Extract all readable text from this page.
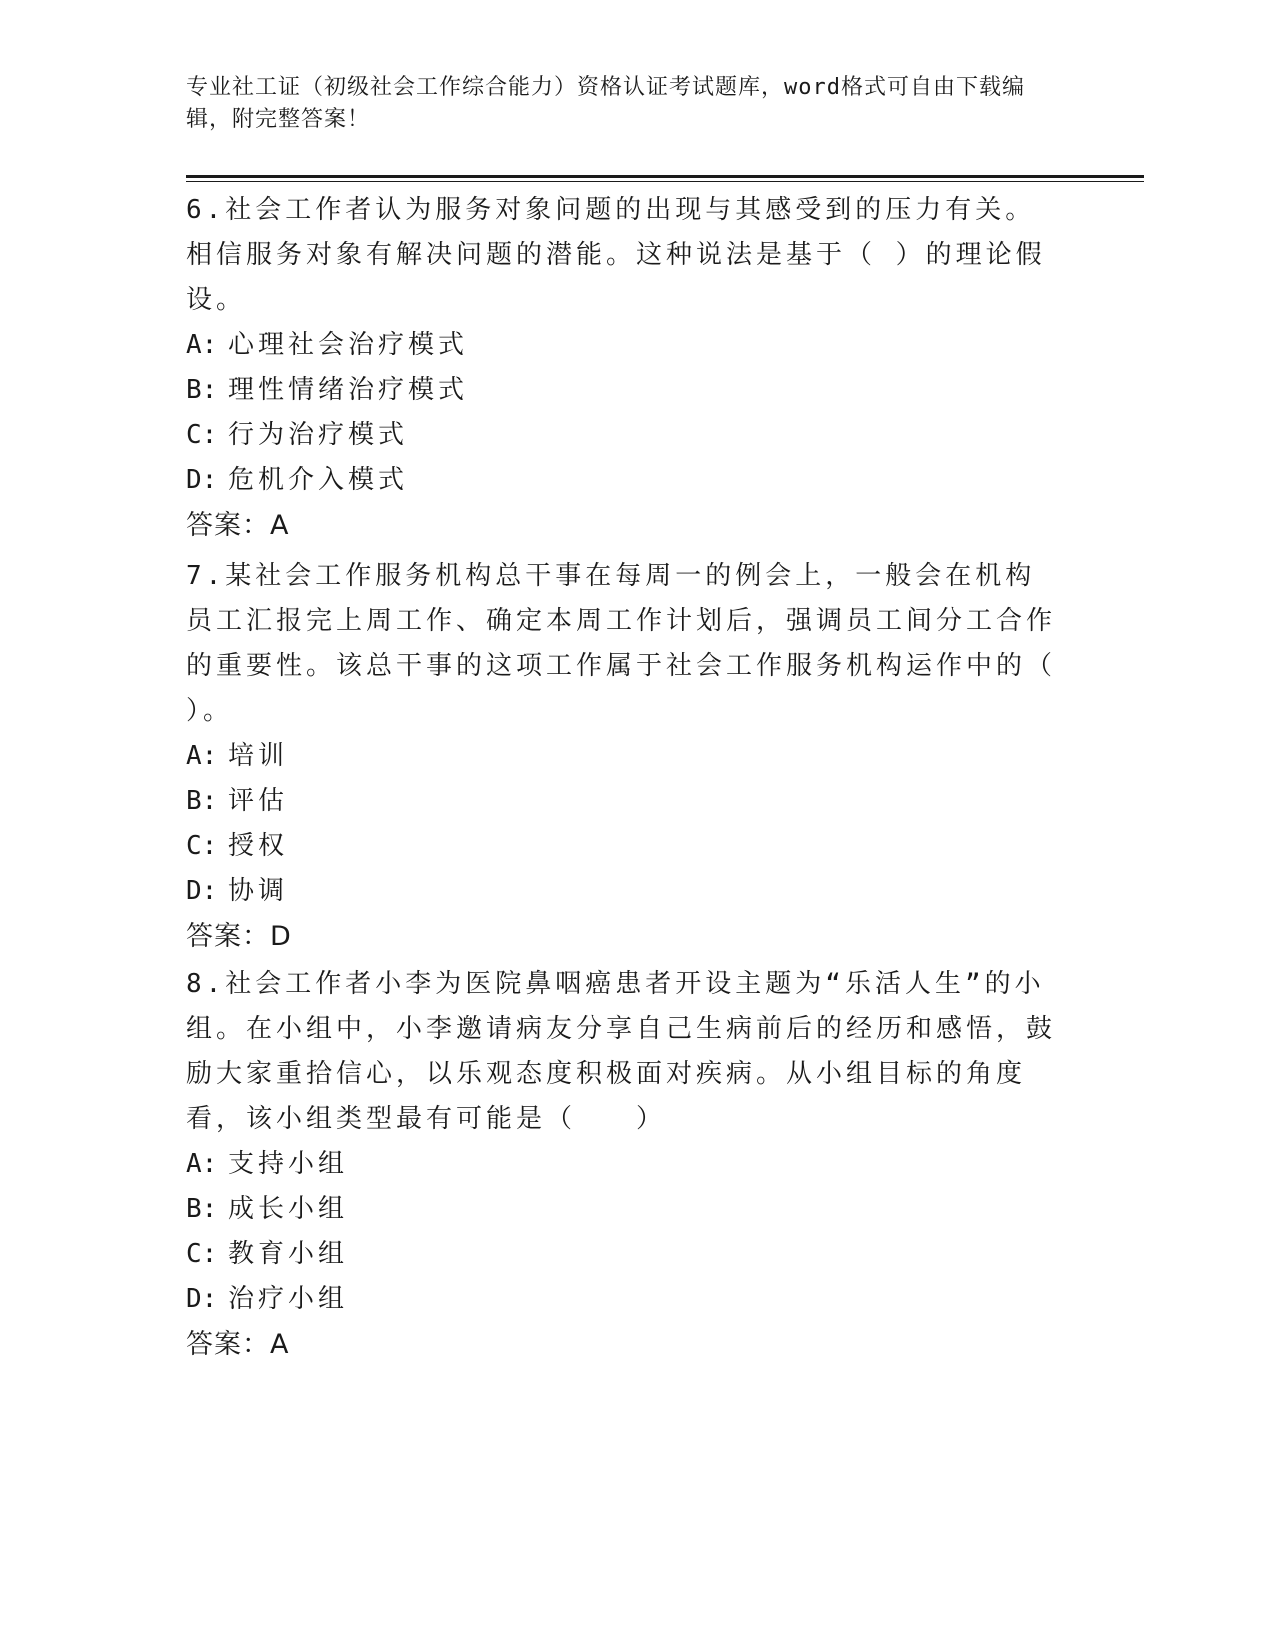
专业社工证（初级社会工作综合能力）资格认证考试题库，word格式可自由下载编辑，附完整答案！
6.社会工作者认为服务对象问题的出现与其感受到的压力有关。相信服务对象有解决问题的潜能。这种说法是基于（ ）的理论假设。
A: 心理社会治疗模式
B: 理性情绪治疗模式
C: 行为治疗模式
D: 危机介入模式
答案：A
7.某社会工作服务机构总干事在每周一的例会上，一般会在机构员工汇报完上周工作、确定本周工作计划后，强调员工间分工合作的重要性。该总干事的这项工作属于社会工作服务机构运作中的（ ）。
A: 培训
B: 评估
C: 授权
D: 协调
答案：D
8.社会工作者小李为医院鼻咽癌患者开设主题为“乐活人生”的小组。在小组中，小李邀请病友分享自己生病前后的经历和感悟，鼓励大家重拾信心，以乐观态度积极面对疾病。从小组目标的角度看，该小组类型最有可能是（　　）
A: 支持小组
B: 成长小组
C: 教育小组
D: 治疗小组
答案：A
